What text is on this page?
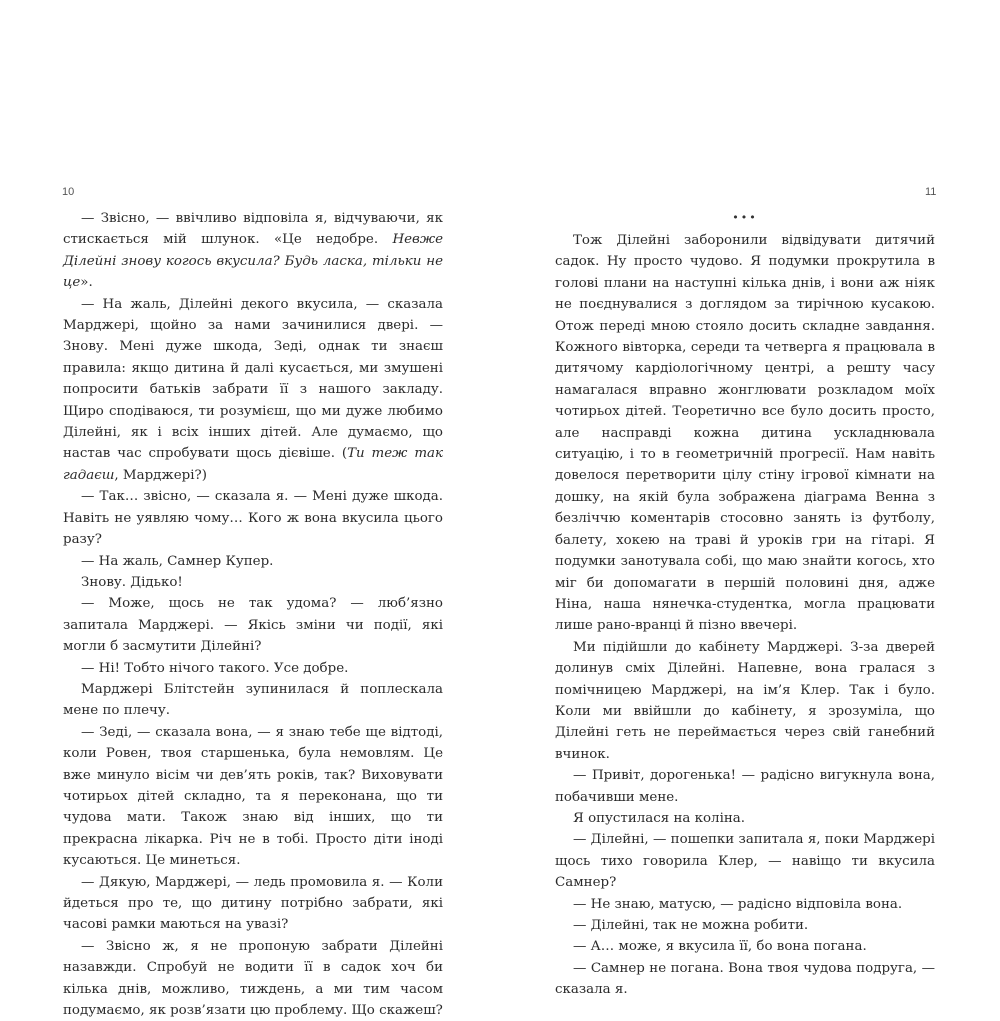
10	11

— Звісно, — ввічливо відповіла я, відчуваючи, як стискається мій шлунок. «Це недобре. Невже Ділейні знову когось вкусила? Будь ласка, тільки не це».

— На жаль, Ділейні декого вкусила, — сказала Марджері, щойно за нами зачинилися двері. — Знову. Мені дуже шкода, Зеді, однак ти знаєш правила: якщо дитина й далі кусається, ми змушені попросити батьків забрати її з нашого закладу. Щиро сподіваюся, ти розумієш, що ми дуже любимо Ділейні, як і всіх інших дітей. Але думаємо, що настав час спробувати щось дієвіше. (Ти теж так гадаєш, Марджері?)

— Так… звісно, — сказала я. — Мені дуже шкода. Навіть не уявляю чому… Кого ж вона вкусила цього разу?

— На жаль, Самнер Купер.

Знову. Дідько!

— Може, щось не так удома? — люб’язно запитала Марджері. — Якісь зміни чи події, які могли б засмутити Ділейні?

— Ні! Тобто нічого такого. Усе добре.

Марджері Блітстейн зупинилася й поплескала мене по плечу.

— Зеді, — сказала вона, — я знаю тебе ще відтоді, коли Ровен, твоя старшенька, була немовлям. Це вже минуло вісім чи дев’ять років, так? Виховувати чотирьох дітей складно, та я переконана, що ти чудова мати. Також знаю від інших, що ти прекрасна лікарка. Річ не в тобі. Просто діти іноді кусаються. Це минеться.

— Дякую, Марджері, — ледь промовила я. — Коли йдеться про те, що дитину потрібно забрати, які часові рамки маються на увазі?

— Звісно ж, я не пропоную забрати Ділейні назавжди. Спробуй не водити її в садок хоч би кілька днів, можливо, тиждень, а ми тим часом подумаємо, як розв’язати цю проблему. Що скажеш?

•••

Тож Ділейні заборонили відвідувати дитячий садок. Ну просто чудово. Я подумки прокрутила в голові плани на наступні кілька днів, і вони аж ніяк не поєднувалися з доглядом за тирічною кусакою. Отож переді мною стояло досить складне завдання. Кожного вівторка, середи та четверга я працювала в дитячому кардіологічному центрі, а решту часу намагалася вправно жонглювати розкладом моїх чотирьох дітей. Теоретично все було досить просто, але насправді кожна дитина ускладнювала ситуацію, і то в геометричній прогресії. Нам навіть довелося перетворити цілу стіну ігрової кімнати на дошку, на якій була зображена діаграма Венна з безліччю коментарів стосовно занять із футболу, балету, хокею на траві й уроків гри на гітарі. Я подумки занотувала собі, що маю знайти когось, хто міг би допомагати в першій половині дня, адже Ніна, наша нянечка-студентка, могла працювати лише рано-вранці й пізно ввечері.

Ми підійшли до кабінету Марджері. З-за дверей долинув сміх Ділейні. Напевне, вона гралася з помічницею Марджері, на ім’я Клер. Так і було. Коли ми ввійшли до кабінету, я зрозуміла, що Ділейні геть не переймається через свій ганебний вчинок.

— Привіт, дорогенька! — радісно вигукнула вона, побачивши мене.

Я опустилася на коліна.

— Ділейні, — пошепки запитала я, поки Марджері щось тихо говорила Клер, — навіщо ти вкусила Самнер?

— Не знаю, матусю, — радісно відповіла вона.

— Ділейні, так не можна робити.

— А… може, я вкусила її, бо вона погана.

— Самнер не погана. Вона твоя чудова подруга, — сказала я.
